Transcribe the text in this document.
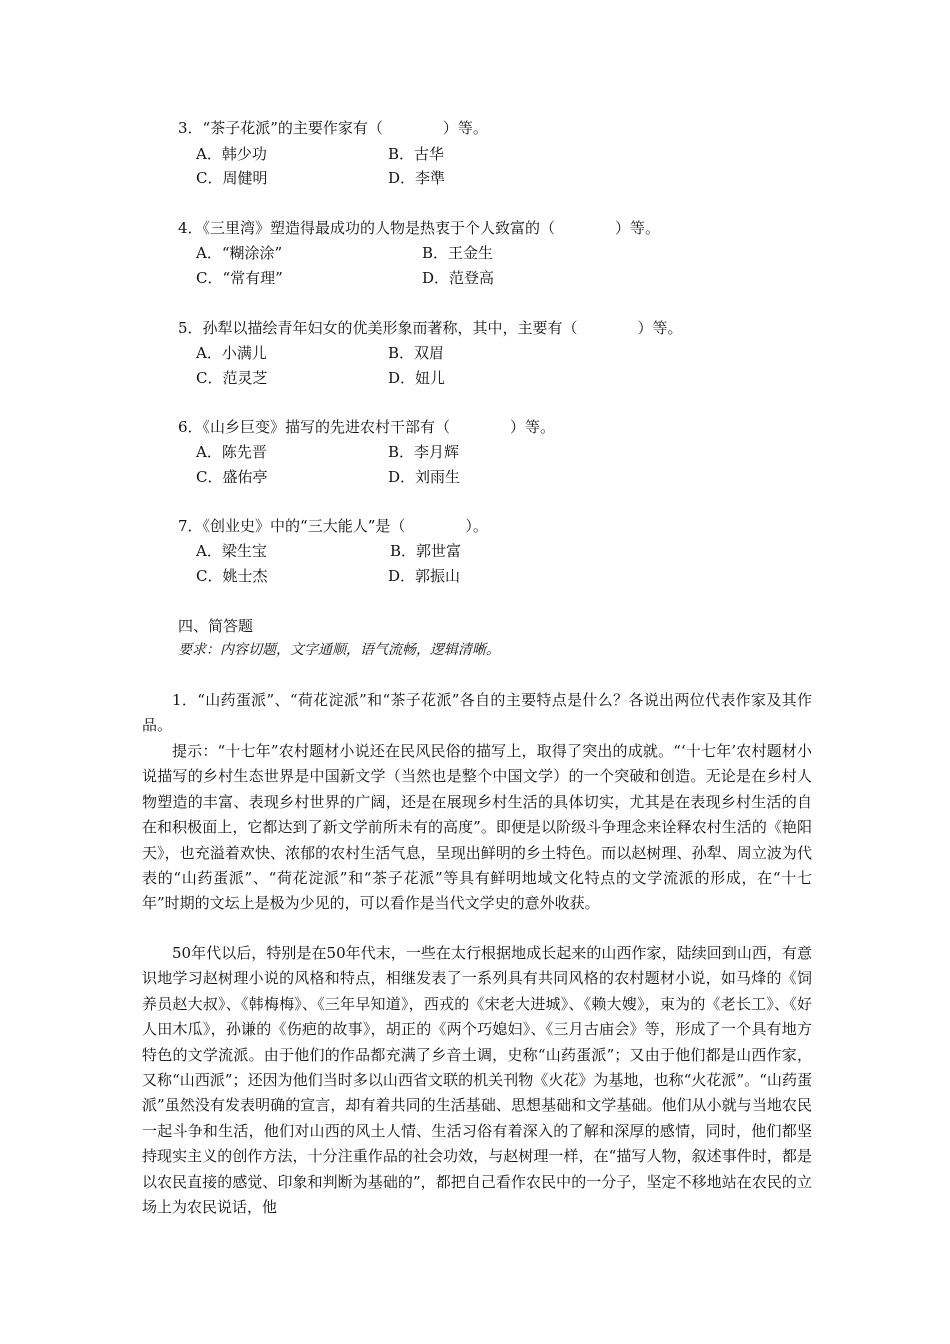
3．“茶子花派”的主要作家有（　　　　）等。
A．韩少功	B．古华
C．周健明	D．李準
4．《三里湾》塑造得最成功的人物是热衷于个人致富的（　　　　）等。
A．“糊涂涂”	B．王金生
C．“常有理”	D．范登高
5．孙犁以描绘青年妇女的优美形象而著称，其中，主要有（　　　　）等。
A．小满儿	B．双眉
C．范灵芝	D．妞儿
6．《山乡巨变》描写的先进农村干部有（　　　　）等。
A．陈先晋	B．李月辉
C．盛佑亭	D．刘雨生
7．《创业史》中的“三大能人”是（　　　　）。
A．梁生宝	B．郭世富
C．姚士杰	D．郭振山
四、简答题
要求：内容切题，文字通顺，语气流畅，逻辑清晰。
1．“山药蛋派”、“荷花淀派”和“茶子花派”各自的主要特点是什么？各说出两位代表作家及其作品。
提示：“十七年”农村题材小说还在民风民俗的描写上，取得了突出的成就。“‘十七年’农村题材小说描写的乡村生态世界是中国新文学（当然也是整个中国文学）的一个突破和创造。无论是在乡村人物塑造的丰富、表现乡村世界的广阔，还是在展现乡村生活的具体切实，尤其是在表现乡村生活的自在和积极面上，它都达到了新文学前所未有的高度”。即便是以阶级斗争理念来诠释农村生活的《艳阳天》，也充溢着欢快、浓郁的农村生活气息，呈现出鲜明的乡土特色。而以赵树理、孙犁、周立波为代表的“山药蛋派”、“荷花淀派”和“茶子花派”等具有鲜明地域文化特点的文学流派的形成，在“十七年”时期的文坛上是极为少见的，可以看作是当代文学史的意外收获。
50年代以后，特别是在50年代末，一些在太行根据地成长起来的山西作家，陆续回到山西，有意识地学习赵树理小说的风格和特点，相继发表了一系列具有共同风格的农村题材小说，如马烽的《饲养员赵大叔》、《韩梅梅》、《三年早知道》，西戎的《宋老大进城》、《赖大嫂》，束为的《老长工》、《好人田木瓜》，孙谦的《伤疤的故事》，胡正的《两个巧媳妇》、《三月古庙会》等，形成了一个具有地方特色的文学流派。由于他们的作品都充满了乡音土调，史称“山药蛋派”；又由于他们都是山西作家，又称“山西派”；还因为他们当时多以山西省文联的机关刊物《火花》为基地，也称“火花派”。“山药蛋派”虽然没有发表明确的宣言，却有着共同的生活基础、思想基础和文学基础。他们从小就与当地农民一起斗争和生活，他们对山西的风土人情、生活习俗有着深入的了解和深厚的感情，同时，他们都坚持现实主义的创作方法，十分注重作品的社会功效，与赵树理一样，在“描写人物，叙述事件时，都是以农民直接的感觉、印象和判断为基础的”，都把自己看作农民中的一分子，坚定不移地站在农民的立场上为农民说话，他
